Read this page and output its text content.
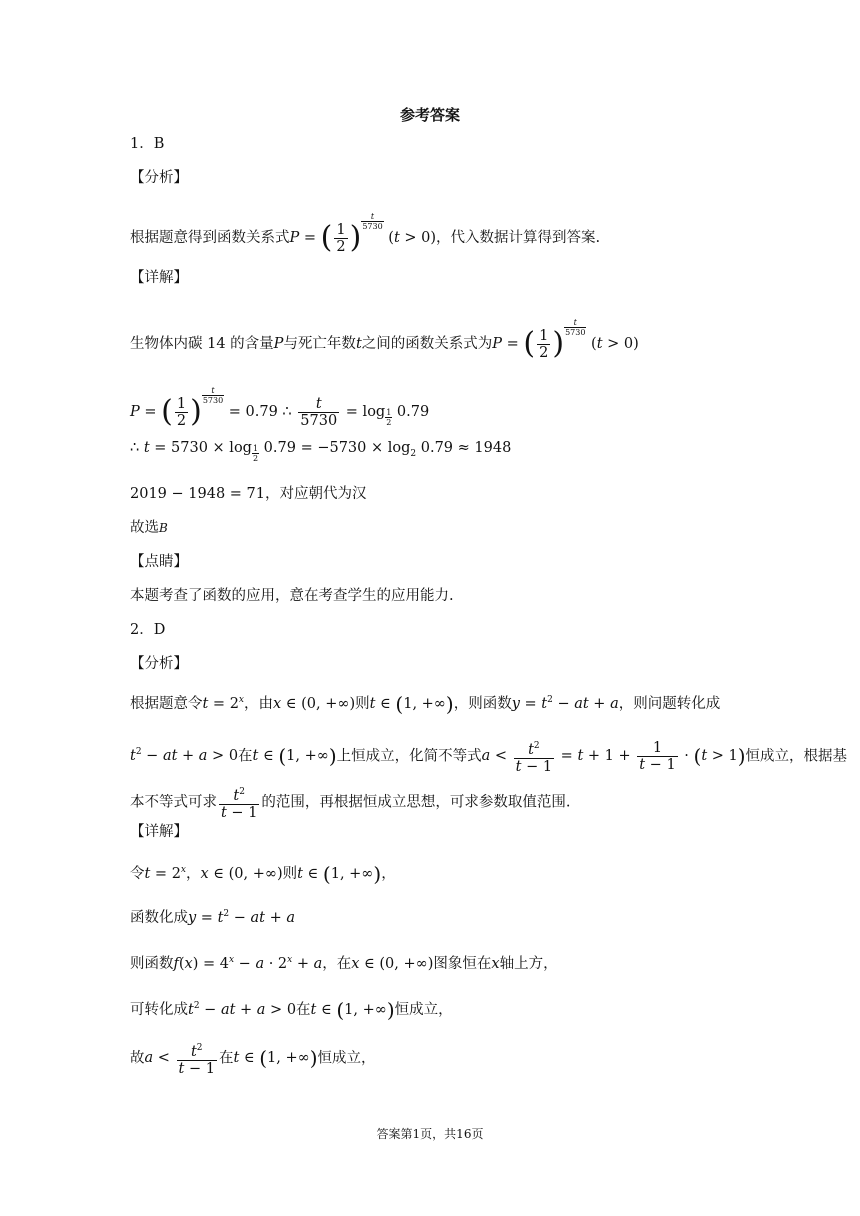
参考答案
1．B
【分析】
根据题意得到函数关系式P = ( $\frac{1}{2}$ ) $^{\frac{t}{5730}}$
(t > 0)，代入数据计算得到答案.
【详解】
生物体内碳 14 的含量P与死亡年数t之间的函数关系式为P = ( $\frac{1}{2}$ ) $^{\frac{t}{5730}}$
(t > 0)
P = ( $\frac{1}{2}$ ) $^{\frac{t}{5730}}$
= 0.79 ∴ $\frac{t}{5730} = \log _{\frac{1}{2}}$ 0.79
∴ t = 5730 × log $_{\frac{1}{2}}$ $0.79 = -5730 \times \log_2 0.79 \approx 1948$
2019 − 1948 = 71，对应朝代为汉
故选B
【点睛】
本题考查了函数的应用，意在考查学生的应用能力.
2．D
【分析】
根据题意令$t = 2^x$，由x ∈ (0, +∞)则t ∈ (1, +∞)，则函数$y = t^2$ − at + a，则问题转化成
$t^2$ − at + a > 0在t ∈ (1, +∞)上恒成立，化简不等式$a < \frac{t^2}{t - 1} = t + 1 + \frac{1}{t - 1} \cdot (t > 1)$恒成立，根据基
本不等式可求 $\frac{t^2}{t - 1}$ 的范围，再根据恒成立思想，可求参数取值范围.
【详解】
令$t = 2^x$，x ∈ (0, +∞)则t ∈ (1, +∞)，
函数化成$y = t^2$ − at + a
则函数$f(x) = 4^x - a \cdot 2^x + a$，在x ∈ (0, +∞)图象恒在x轴上方，
可转化成$t^2$ − at + a > 0在t ∈ (1, +∞)恒成立，
故$a < \frac{t^2}{t - 1}$ 在t ∈ (1, +∞)恒成立，
答案第1页，共16页
